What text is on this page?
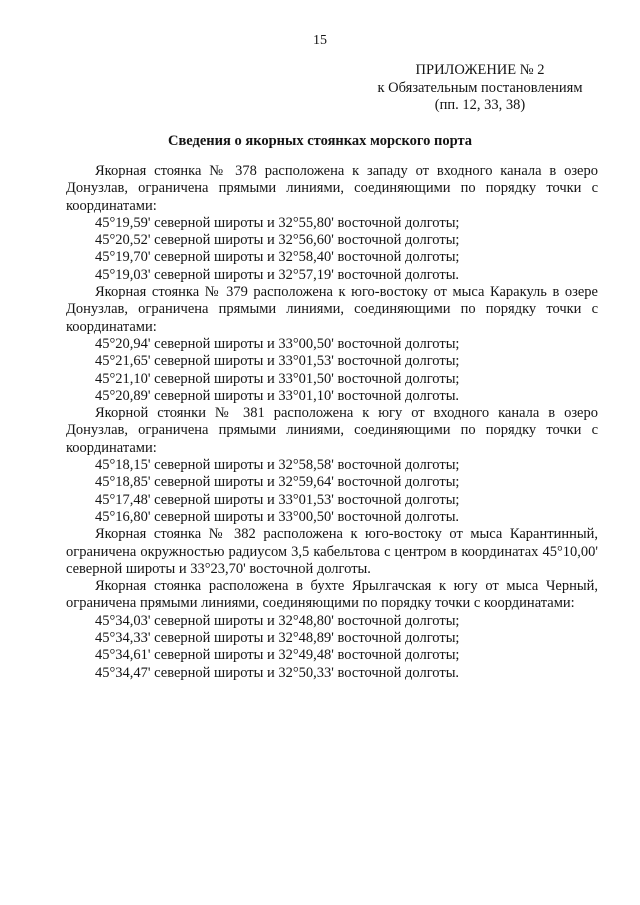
15
ПРИЛОЖЕНИЕ № 2
к Обязательным постановлениям
(пп. 12, 33, 38)
Сведения о якорных стоянках морского порта

Якорная стоянка № 378 расположена к западу от входного канала в озеро Донузлав, ограничена прямыми линиями, соединяющими по порядку точки с координатами:

45°19,59' северной широты и 32°55,80' восточной долготы;

45°20,52' северной широты и 32°56,60' восточной долготы;

45°19,70' северной широты и 32°58,40' восточной долготы;

45°19,03' северной широты и 32°57,19' восточной долготы.

Якорная стоянка № 379 расположена к юго-востоку от мыса Каракуль в озере Донузлав, ограничена прямыми линиями, соединяющими по порядку точки с координатами:

45°20,94' северной широты и 33°00,50' восточной долготы;

45°21,65' северной широты и 33°01,53' восточной долготы;

45°21,10' северной широты и 33°01,50' восточной долготы;

45°20,89' северной широты и 33°01,10' восточной долготы.

Якорной стоянки № 381 расположена к югу от входного канала в озеро Донузлав, ограничена прямыми линиями, соединяющими по порядку точки с координатами:

45°18,15' северной широты и 32°58,58' восточной долготы;

45°18,85' северной широты и 32°59,64' восточной долготы;

45°17,48' северной широты и 33°01,53' восточной долготы;

45°16,80' северной широты и 33°00,50' восточной долготы.

Якорная стоянка № 382 расположена к юго-востоку от мыса Карантинный, ограничена окружностью радиусом 3,5 кабельтова с центром в координатах 45°10,00' северной широты и 33°23,70' восточной долготы.

Якорная стоянка расположена в бухте Ярылгачская к югу от мыса Черный, ограничена прямыми линиями, соединяющими по порядку точки с координатами:

45°34,03' северной широты и 32°48,80' восточной долготы;

45°34,33' северной широты и 32°48,89' восточной долготы;

45°34,61' северной широты и 32°49,48' восточной долготы;

45°34,47' северной широты и 32°50,33' восточной долготы.
